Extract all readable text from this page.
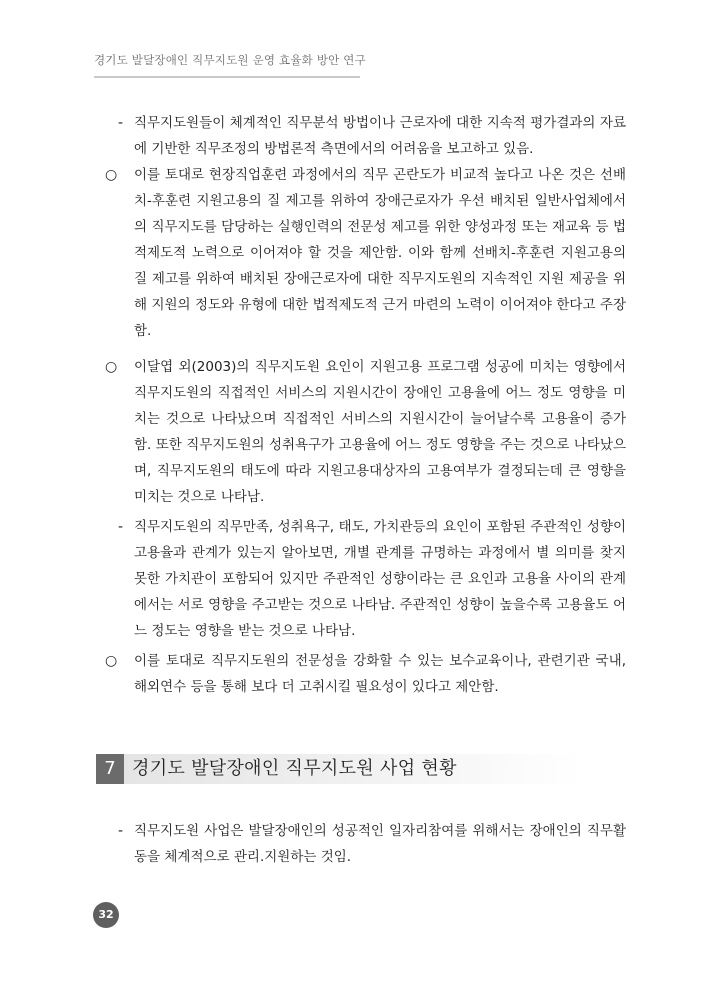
경기도 발달장애인 직무지도원 운영 효율화 방안 연구
- 직무지도원들이 체계적인 직무분석 방법이나 근로자에 대한 지속적 평가결과의 자료에 기반한 직무조정의 방법론적 측면에서의 어려움을 보고하고 있음.
○ 이를 토대로 현장직업훈련 과정에서의 직무 곤란도가 비교적 높다고 나온 것은 선배치-후훈련 지원고용의 질 제고를 위하여 장애근로자가 우선 배치된 일반사업체에서의 직무지도를 담당하는 실행인력의 전문성 제고를 위한 양성과정 또는 재교육 등 법적제도적 노력으로 이어져야 할 것을 제안함. 이와 함께 선배치-후훈련 지원고용의 질 제고를 위하여 배치된 장애근로자에 대한 직무지도원의 지속적인 지원 제공을 위해 지원의 정도와 유형에 대한 법적제도적 근거 마련의 노력이 이어져야 한다고 주장함.
○ 이달엽 외(2003)의 직무지도원 요인이 지원고용 프로그램 성공에 미치는 영향에서 직무지도원의 직접적인 서비스의 지원시간이 장애인 고용율에 어느 정도 영향을 미치는 것으로 나타났으며 직접적인 서비스의 지원시간이 늘어날수록 고용율이 증가함. 또한 직무지도원의 성취욕구가 고용율에 어느 정도 영향을 주는 것으로 나타났으며, 직무지도원의 태도에 따라 지원고용대상자의 고용여부가 결정되는데 큰 영향을 미치는 것으로 나타남.
- 직무지도원의 직무만족, 성취욕구, 태도, 가치관등의 요인이 포함된 주관적인 성향이 고용율과 관계가 있는지 알아보면, 개별 관계를 규명하는 과정에서 별 의미를 찾지 못한 가치관이 포함되어 있지만 주관적인 성향이라는 큰 요인과 고용율 사이의 관계에서는 서로 영향을 주고받는 것으로 나타남. 주관적인 성향이 높을수록 고용율도 어느 정도는 영향을 받는 것으로 나타남.
○ 이를 토대로 직무지도원의 전문성을 강화할 수 있는 보수교육이나, 관련기관 국내, 해외연수 등을 통해 보다 더 고취시킬 필요성이 있다고 제안함.
7 경기도 발달장애인 직무지도원 사업 현황
- 직무지도원 사업은 발달장애인의 성공적인 일자리참여를 위해서는 장애인의 직무활동을 체계적으로 관리.지원하는 것임.
32
